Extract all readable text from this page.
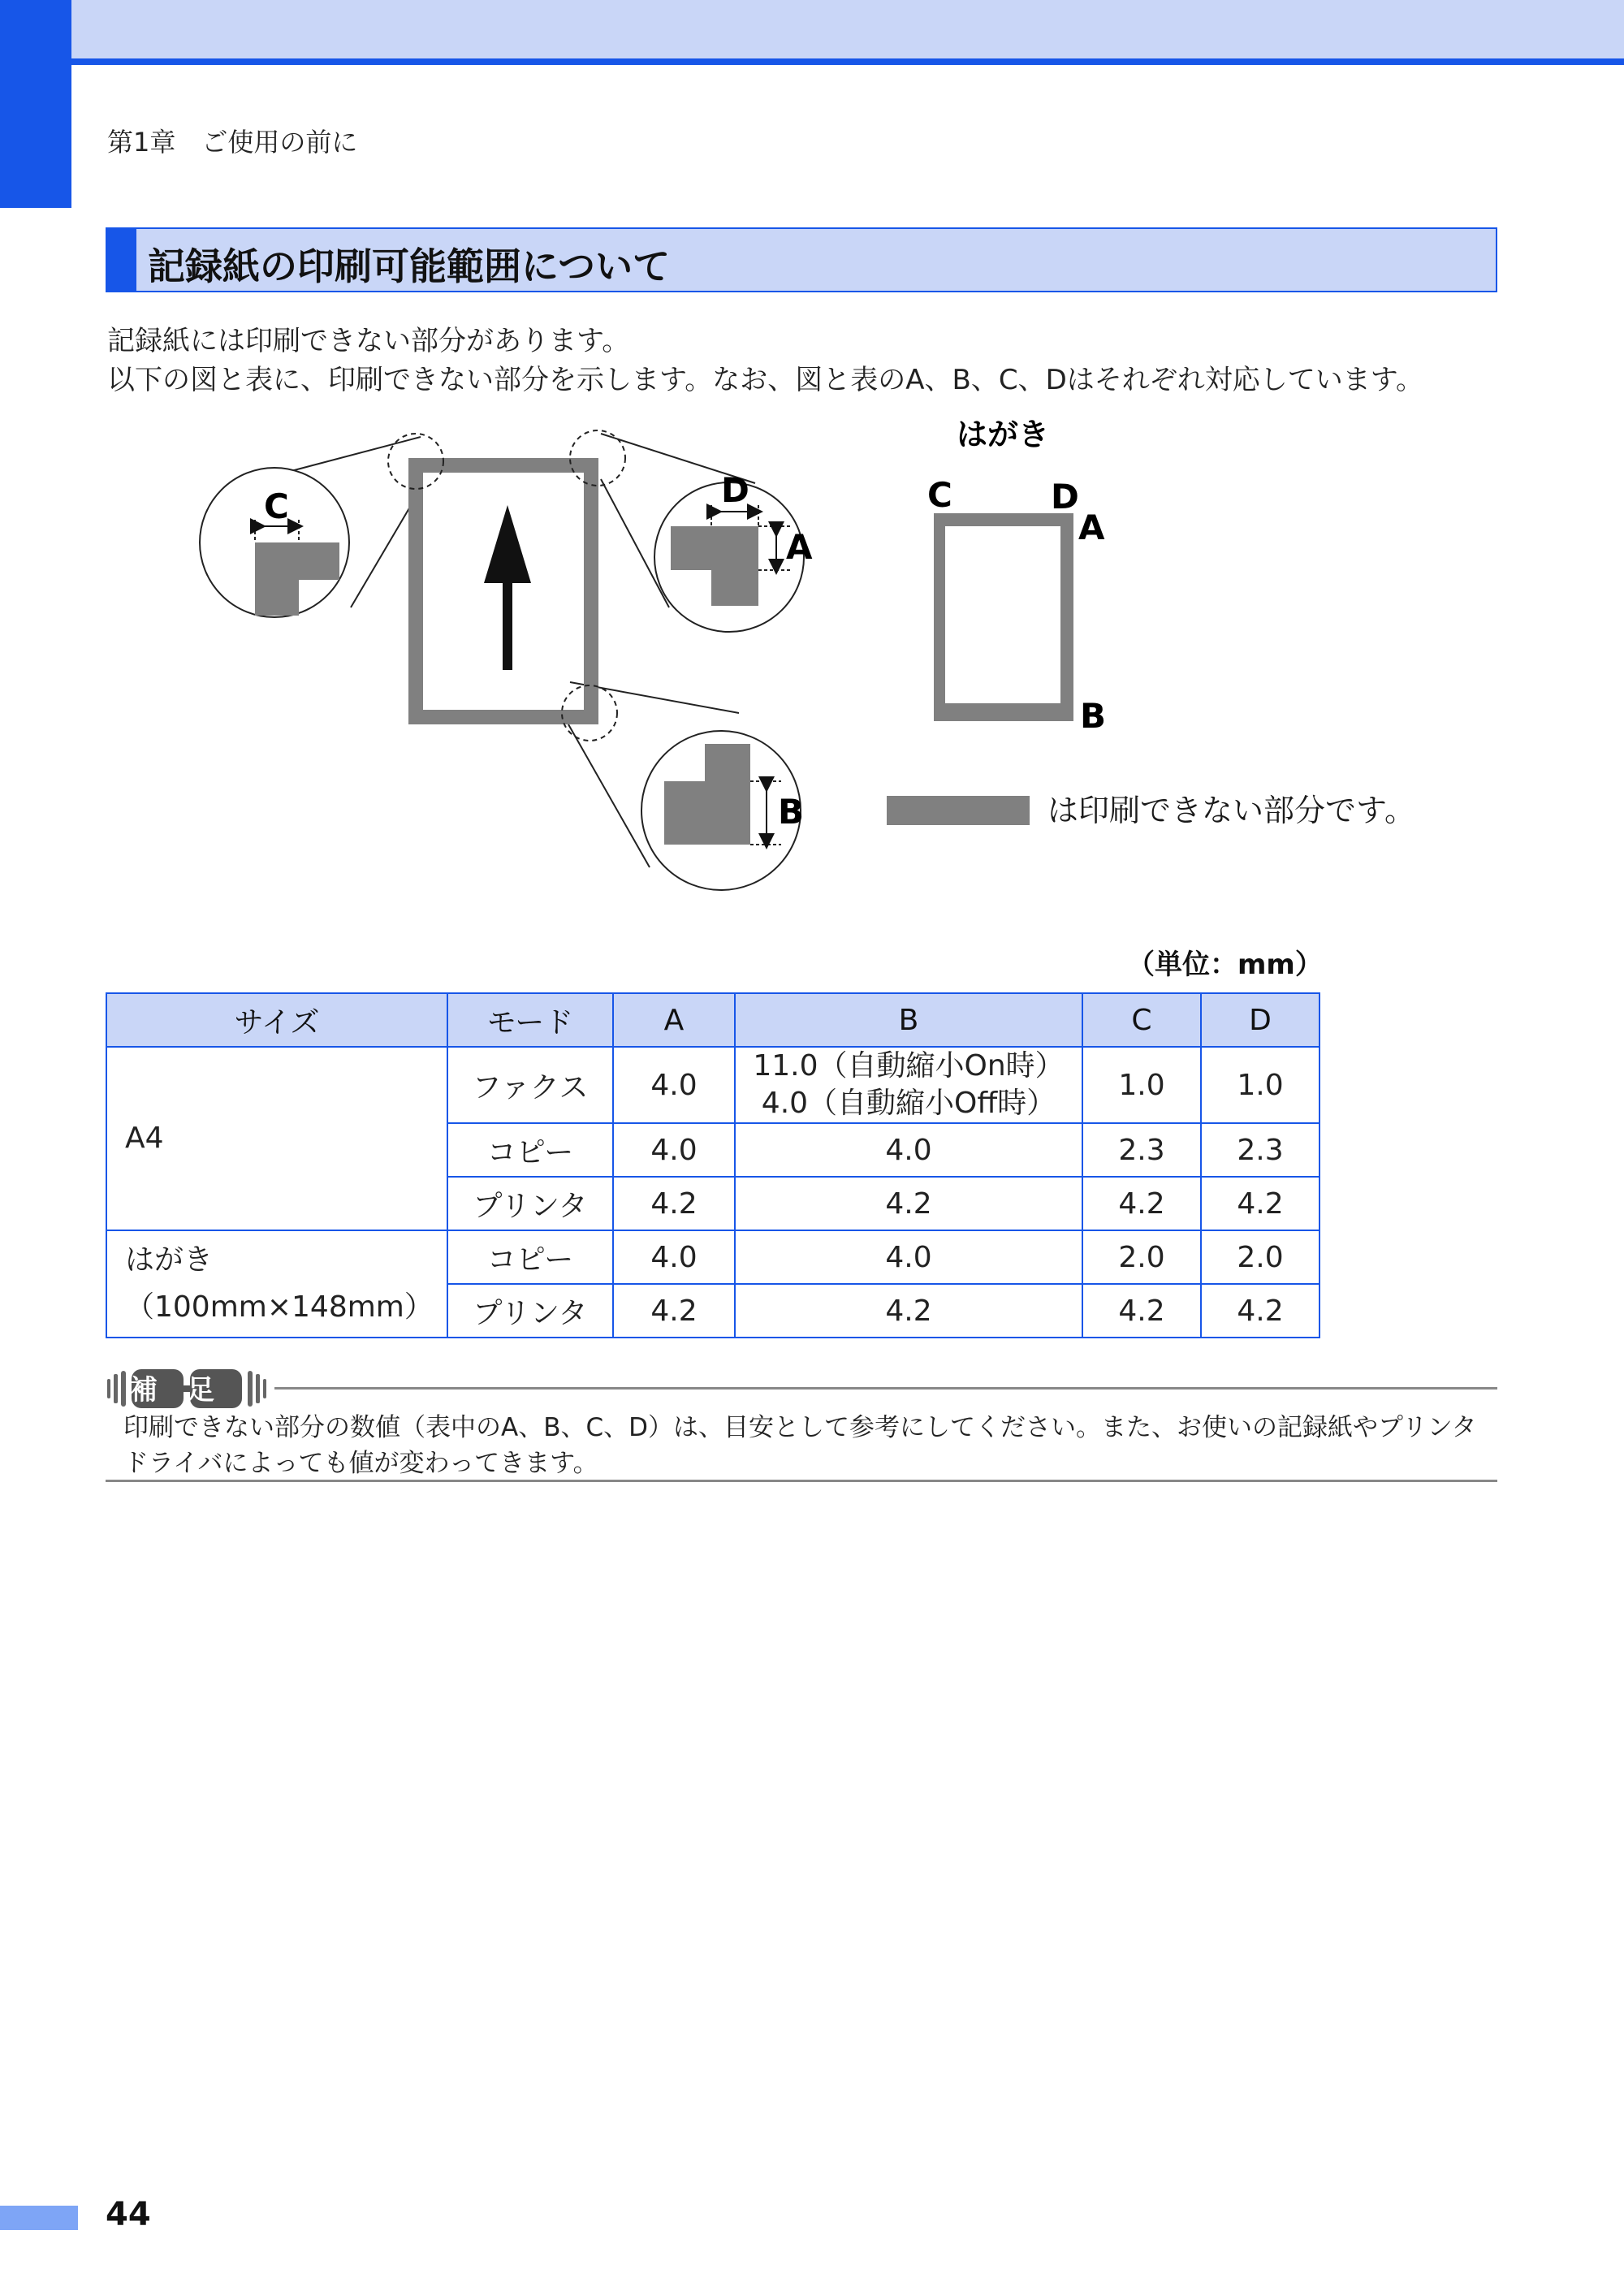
第1章　ご使用の前に
記録紙の印刷可能範囲について
記録紙には印刷できない部分があります。
以下の図と表に、印刷できない部分を示します。なお、図と表のA、B、C、Dはそれぞれ対応しています。
C	D
A
B
はがき
C	D
A
B
は印刷できない部分です。
（単位：mm）
サイズ	モード	A	B	C	D
A4	ファクス	4.0	11.0（自動縮小On時）
4.0（自動縮小Off時）	1.0	1.0
	コピー	4.0	4.0	2.3	2.3
	プリンタ	4.2	4.2	4.2	4.2

はがき
（100mm×148mm）	コピー	4.0	4.0	2.0	2.0
	プリンタ	4.2	4.2	4.2	4.2
補足
印刷できない部分の数値（表中のA、B、C、D）は、目安として参考にしてください。また、お使いの記録紙やプリンタドライバによっても値が変わってきます。
44
